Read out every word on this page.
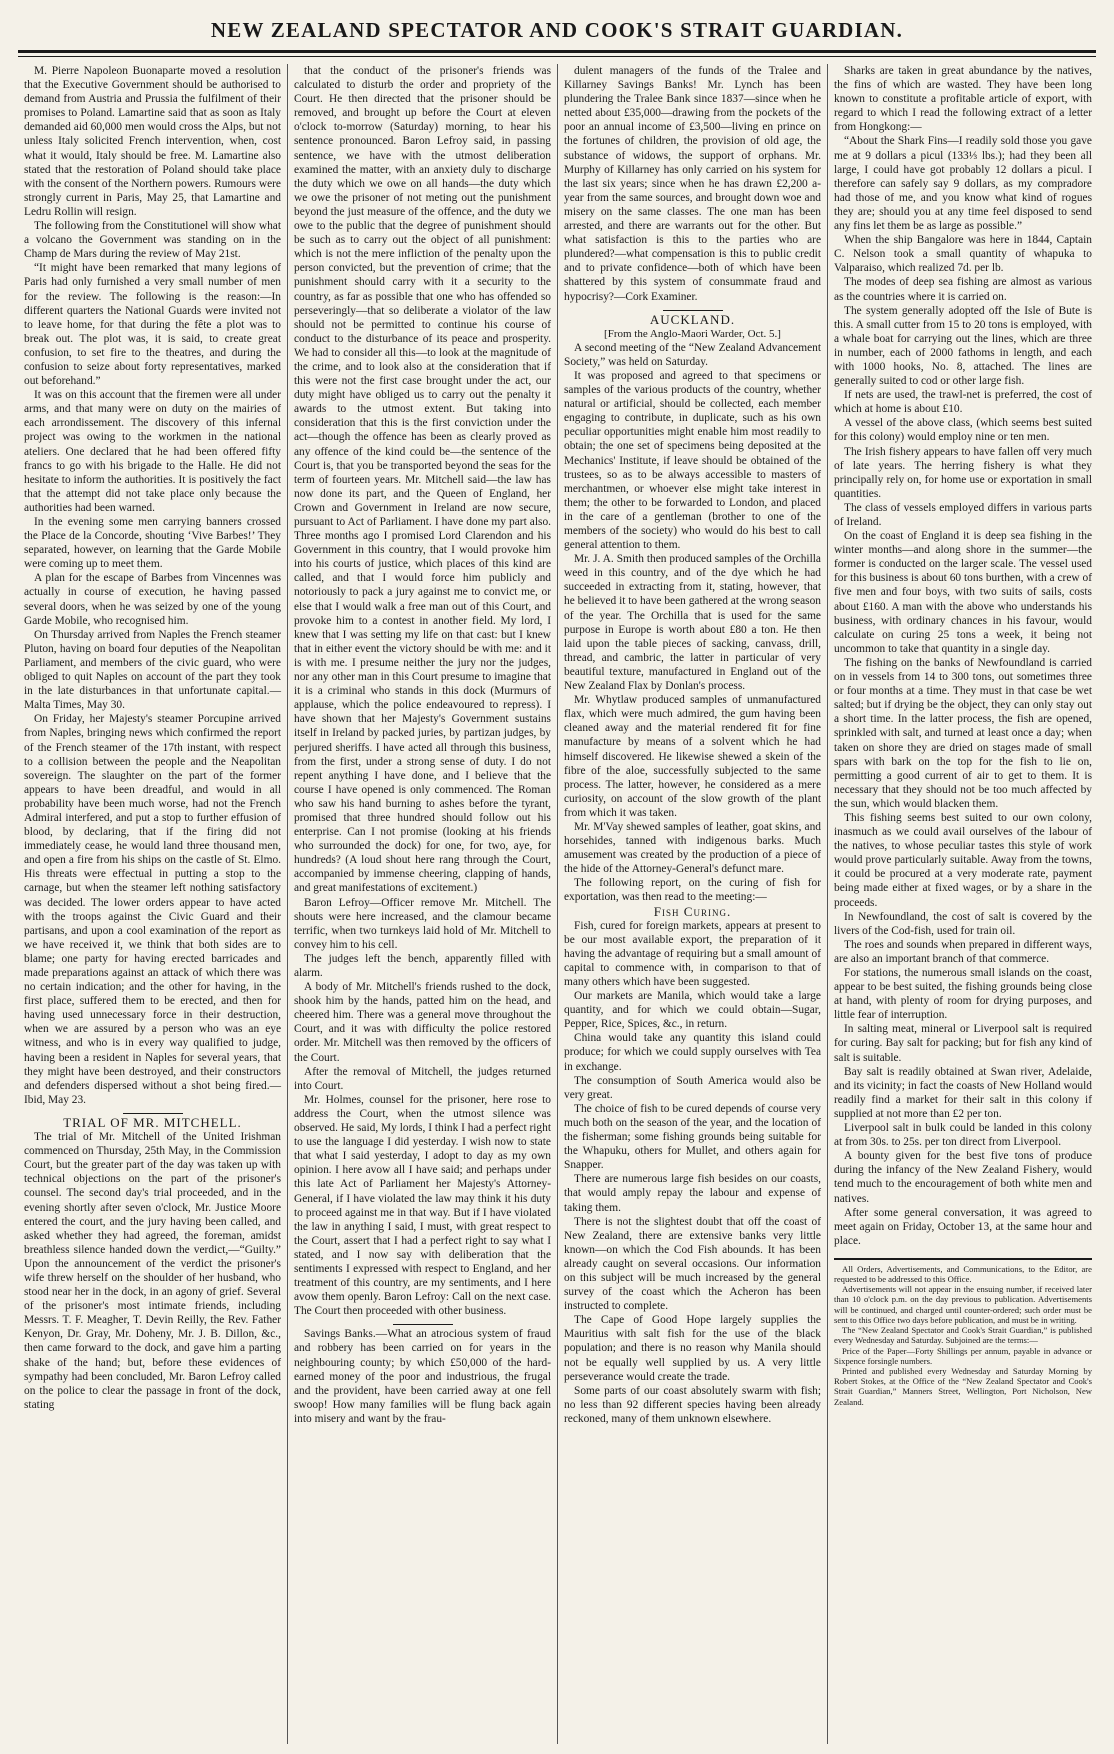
NEW ZEALAND SPECTATOR AND COOK'S STRAIT GUARDIAN.

M. Pierre Napoleon Buonaparte moved a resolution that the Executive Government should be authorised to demand from Austria and Prussia the fulfilment of their promises to Poland. Lamartine said that as soon as Italy demanded aid 60,000 men would cross the Alps, but not unless Italy solicited French intervention, when, cost what it would, Italy should be free. M. Lamartine also stated that the restoration of Poland should take place with the consent of the Northern powers. Rumours were strongly current in Paris, May 25, that Lamartine and Ledru Rollin will resign.

The following from the Constitutionel will show what a volcano the Government was standing on in the Champ de Mars during the review of May 21st.

“It might have been remarked that many legions of Paris had only furnished a very small number of men for the review. The following is the reason:—In different quarters the National Guards were invited not to leave home, for that during the fête a plot was to break out. The plot was, it is said, to create great confusion, to set fire to the theatres, and during the confusion to seize about forty representatives, marked out beforehand.”

It was on this account that the firemen were all under arms, and that many were on duty on the mairies of each arrondissement. The discovery of this infernal project was owing to the workmen in the national ateliers. One declared that he had been offered fifty francs to go with his brigade to the Halle. He did not hesitate to inform the authorities. It is positively the fact that the attempt did not take place only because the authorities had been warned.

In the evening some men carrying banners crossed the Place de la Concorde, shouting ‘Vive Barbes!’ They separated, however, on learning that the Garde Mobile were coming up to meet them.

A plan for the escape of Barbes from Vincennes was actually in course of execution, he having passed several doors, when he was seized by one of the young Garde Mobile, who recognised him.

On Thursday arrived from Naples the French steamer Pluton, having on board four deputies of the Neapolitan Parliament, and members of the civic guard, who were obliged to quit Naples on account of the part they took in the late disturbances in that unfortunate capital.—Malta Times, May 30.

On Friday, her Majesty's steamer Porcupine arrived from Naples, bringing news which confirmed the report of the French steamer of the 17th instant, with respect to a collision between the people and the Neapolitan sovereign. The slaughter on the part of the former appears to have been dreadful, and would in all probability have been much worse, had not the French Admiral interfered, and put a stop to further effusion of blood, by declaring, that if the firing did not immediately cease, he would land three thousand men, and open a fire from his ships on the castle of St. Elmo. His threats were effectual in putting a stop to the carnage, but when the steamer left nothing satisfactory was decided. The lower orders appear to have acted with the troops against the Civic Guard and their partisans, and upon a cool examination of the report as we have received it, we think that both sides are to blame; one party for having erected barricades and made preparations against an attack of which there was no certain indication; and the other for having, in the first place, suffered them to be erected, and then for having used unnecessary force in their destruction, when we are assured by a person who was an eye witness, and who is in every way qualified to judge, having been a resident in Naples for several years, that they might have been destroyed, and their constructors and defenders dispersed without a shot being fired.—Ibid, May 23.

TRIAL OF MR. MITCHELL.

The trial of Mr. Mitchell of the United Irishman commenced on Thursday, 25th May, in the Commission Court, but the greater part of the day was taken up with technical objections on the part of the prisoner's counsel. The second day's trial proceeded, and in the evening shortly after seven o'clock, Mr. Justice Moore entered the court, and the jury having been called, and asked whether they had agreed, the foreman, amidst breathless silence handed down the verdict,—“Guilty.” Upon the announcement of the verdict the prisoner's wife threw herself on the shoulder of her husband, who stood near her in the dock, in an agony of grief. Several of the prisoner's most intimate friends, including Messrs. T. F. Meagher, T. Devin Reilly, the Rev. Father Kenyon, Dr. Gray, Mr. Doheny, Mr. J. B. Dillon, &c., then came forward to the dock, and gave him a parting shake of the hand; but, before these evidences of sympathy had been concluded, Mr. Baron Lefroy called on the police to clear the passage in front of the dock, stating

that the conduct of the prisoner's friends was calculated to disturb the order and propriety of the Court. He then directed that the prisoner should be removed, and brought up before the Court at eleven o'clock to-morrow (Saturday) morning, to hear his sentence pronounced. Baron Lefroy said, in passing sentence, we have with the utmost deliberation examined the matter, with an anxiety duly to discharge the duty which we owe on all hands—the duty which we owe the prisoner of not meting out the punishment beyond the just measure of the offence, and the duty we owe to the public that the degree of punishment should be such as to carry out the object of all punishment: which is not the mere infliction of the penalty upon the person convicted, but the prevention of crime; that the punishment should carry with it a security to the country, as far as possible that one who has offended so perseveringly—that so deliberate a violator of the law should not be permitted to continue his course of conduct to the disturbance of its peace and prosperity. We had to consider all this—to look at the magnitude of the crime, and to look also at the consideration that if this were not the first case brought under the act, our duty might have obliged us to carry out the penalty it awards to the utmost extent. But taking into consideration that this is the first conviction under the act—though the offence has been as clearly proved as any offence of the kind could be—the sentence of the Court is, that you be transported beyond the seas for the term of fourteen years. Mr. Mitchell said—the law has now done its part, and the Queen of England, her Crown and Government in Ireland are now secure, pursuant to Act of Parliament. I have done my part also. Three months ago I promised Lord Clarendon and his Government in this country, that I would provoke him into his courts of justice, which places of this kind are called, and that I would force him publicly and notoriously to pack a jury against me to convict me, or else that I would walk a free man out of this Court, and provoke him to a contest in another field. My lord, I knew that I was setting my life on that cast: but I knew that in either event the victory should be with me: and it is with me. I presume neither the jury nor the judges, nor any other man in this Court presume to imagine that it is a criminal who stands in this dock (Murmurs of applause, which the police endeavoured to repress). I have shown that her Majesty's Government sustains itself in Ireland by packed juries, by partizan judges, by perjured sheriffs. I have acted all through this business, from the first, under a strong sense of duty. I do not repent anything I have done, and I believe that the course I have opened is only commenced. The Roman who saw his hand burning to ashes before the tyrant, promised that three hundred should follow out his enterprise. Can I not promise (looking at his friends who surrounded the dock) for one, for two, aye, for hundreds? (A loud shout here rang through the Court, accompanied by immense cheering, clapping of hands, and great manifestations of excitement.)

Baron Lefroy—Officer remove Mr. Mitchell. The shouts were here increased, and the clamour became terrific, when two turnkeys laid hold of Mr. Mitchell to convey him to his cell.

The judges left the bench, apparently filled with alarm.

A body of Mr. Mitchell's friends rushed to the dock, shook him by the hands, patted him on the head, and cheered him. There was a general move throughout the Court, and it was with difficulty the police restored order. Mr. Mitchell was then removed by the officers of the Court.

After the removal of Mitchell, the judges returned into Court.

Mr. Holmes, counsel for the prisoner, here rose to address the Court, when the utmost silence was observed. He said, My lords, I think I had a perfect right to use the language I did yesterday. I wish now to state that what I said yesterday, I adopt to day as my own opinion. I here avow all I have said; and perhaps under this late Act of Parliament her Majesty's Attorney-General, if I have violated the law may think it his duty to proceed against me in that way. But if I have violated the law in anything I said, I must, with great respect to the Court, assert that I had a perfect right to say what I stated, and I now say with deliberation that the sentiments I expressed with respect to England, and her treatment of this country, are my sentiments, and I here avow them openly. Baron Lefroy: Call on the next case. The Court then proceeded with other business.

Savings Banks.—What an atrocious system of fraud and robbery has been carried on for years in the neighbouring county; by which £50,000 of the hard-earned money of the poor and industrious, the frugal and the provident, have been carried away at one fell swoop! How many families will be flung back again into misery and want by the frau-

dulent managers of the funds of the Tralee and Killarney Savings Banks! Mr. Lynch has been plundering the Tralee Bank since 1837—since when he netted about £35,000—drawing from the pockets of the poor an annual income of £3,500—living en prince on the fortunes of children, the provision of old age, the substance of widows, the support of orphans. Mr. Murphy of Killarney has only carried on his system for the last six years; since when he has drawn £2,200 a-year from the same sources, and brought down woe and misery on the same classes. The one man has been arrested, and there are warrants out for the other. But what satisfaction is this to the parties who are plundered?—what compensation is this to public credit and to private confidence—both of which have been shattered by this system of consummate fraud and hypocrisy?—Cork Examiner.

AUCKLAND.

[From the Anglo-Maori Warder, Oct. 5.]

A second meeting of the “New Zealand Advancement Society,” was held on Saturday.

It was proposed and agreed to that specimens or samples of the various products of the country, whether natural or artificial, should be collected, each member engaging to contribute, in duplicate, such as his own peculiar opportunities might enable him most readily to obtain; the one set of specimens being deposited at the Mechanics' Institute, if leave should be obtained of the trustees, so as to be always accessible to masters of merchantmen, or whoever else might take interest in them; the other to be forwarded to London, and placed in the care of a gentleman (brother to one of the members of the society) who would do his best to call general attention to them.

Mr. J. A. Smith then produced samples of the Orchilla weed in this country, and of the dye which he had succeeded in extracting from it, stating, however, that he believed it to have been gathered at the wrong season of the year. The Orchilla that is used for the same purpose in Europe is worth about £80 a ton. He then laid upon the table pieces of sacking, canvass, drill, thread, and cambric, the latter in particular of very beautiful texture, manufactured in England out of the New Zealand Flax by Donlan's process.

Mr. Whytlaw produced samples of unmanufactured flax, which were much admired, the gum having been cleaned away and the material rendered fit for fine manufacture by means of a solvent which he had himself discovered. He likewise shewed a skein of the fibre of the aloe, successfully subjected to the same process. The latter, however, he considered as a mere curiosity, on account of the slow growth of the plant from which it was taken.

Mr. M'Vay shewed samples of leather, goat skins, and horsehides, tanned with indigenous barks. Much amusement was created by the production of a piece of the hide of the Attorney-General's defunct mare.

The following report, on the curing of fish for exportation, was then read to the meeting:—

Fish Curing.

Fish, cured for foreign markets, appears at present to be our most available export, the preparation of it having the advantage of requiring but a small amount of capital to commence with, in comparison to that of many others which have been suggested.

Our markets are Manila, which would take a large quantity, and for which we could obtain—Sugar, Pepper, Rice, Spices, &c., in return.

China would take any quantity this island could produce; for which we could supply ourselves with Tea in exchange.

The consumption of South America would also be very great.

The choice of fish to be cured depends of course very much both on the season of the year, and the location of the fisherman; some fishing grounds being suitable for the Whapuku, others for Mullet, and others again for Snapper.

There are numerous large fish besides on our coasts, that would amply repay the labour and expense of taking them.

There is not the slightest doubt that off the coast of New Zealand, there are extensive banks very little known—on which the Cod Fish abounds. It has been already caught on several occasions. Our information on this subject will be much increased by the general survey of the coast which the Acheron has been instructed to complete.

The Cape of Good Hope largely supplies the Mauritius with salt fish for the use of the black population; and there is no reason why Manila should not be equally well supplied by us. A very little perseverance would create the trade.

Some parts of our coast absolutely swarm with fish; no less than 92 different species having been already reckoned, many of them unknown elsewhere.

Sharks are taken in great abundance by the natives, the fins of which are wasted. They have been long known to constitute a profitable article of export, with regard to which I read the following extract of a letter from Hongkong:—

“About the Shark Fins—I readily sold those you gave me at 9 dollars a picul (133⅓ lbs.); had they been all large, I could have got probably 12 dollars a picul. I therefore can safely say 9 dollars, as my compradore had those of me, and you know what kind of rogues they are; should you at any time feel disposed to send any fins let them be as large as possible.”

When the ship Bangalore was here in 1844, Captain C. Nelson took a small quantity of whapuka to Valparaiso, which realized 7d. per lb.

The modes of deep sea fishing are almost as various as the countries where it is carried on.

The system generally adopted off the Isle of Bute is this. A small cutter from 15 to 20 tons is employed, with a whale boat for carrying out the lines, which are three in number, each of 2000 fathoms in length, and each with 1000 hooks, No. 8, attached. The lines are generally suited to cod or other large fish.

If nets are used, the trawl-net is preferred, the cost of which at home is about £10.

A vessel of the above class, (which seems best suited for this colony) would employ nine or ten men.

The Irish fishery appears to have fallen off very much of late years. The herring fishery is what they principally rely on, for home use or exportation in small quantities.

The class of vessels employed differs in various parts of Ireland.

On the coast of England it is deep sea fishing in the winter months—and along shore in the summer—the former is conducted on the larger scale. The vessel used for this business is about 60 tons burthen, with a crew of five men and four boys, with two suits of sails, costs about £160. A man with the above who understands his business, with ordinary chances in his favour, would calculate on curing 25 tons a week, it being not uncommon to take that quantity in a single day.

The fishing on the banks of Newfoundland is carried on in vessels from 14 to 300 tons, out sometimes three or four months at a time. They must in that case be wet salted; but if drying be the object, they can only stay out a short time. In the latter process, the fish are opened, sprinkled with salt, and turned at least once a day; when taken on shore they are dried on stages made of small spars with bark on the top for the fish to lie on, permitting a good current of air to get to them. It is necessary that they should not be too much affected by the sun, which would blacken them.

This fishing seems best suited to our own colony, inasmuch as we could avail ourselves of the labour of the natives, to whose peculiar tastes this style of work would prove particularly suitable. Away from the towns, it could be procured at a very moderate rate, payment being made either at fixed wages, or by a share in the proceeds.

In Newfoundland, the cost of salt is covered by the livers of the Cod-fish, used for train oil.

The roes and sounds when prepared in different ways, are also an important branch of that commerce.

For stations, the numerous small islands on the coast, appear to be best suited, the fishing grounds being close at hand, with plenty of room for drying purposes, and little fear of interruption.

In salting meat, mineral or Liverpool salt is required for curing. Bay salt for packing; but for fish any kind of salt is suitable.

Bay salt is readily obtained at Swan river, Adelaide, and its vicinity; in fact the coasts of New Holland would readily find a market for their salt in this colony if supplied at not more than £2 per ton.

Liverpool salt in bulk could be landed in this colony at from 30s. to 25s. per ton direct from Liverpool.

A bounty given for the best five tons of produce during the infancy of the New Zealand Fishery, would tend much to the encouragement of both white men and natives.

After some general conversation, it was agreed to meet again on Friday, October 13, at the same hour and place.

All Orders, Advertisements, and Communications, to the Editor, are requested to be addressed to this Office.
Advertisements will not appear in the ensuing number, if received later than 10 o'clock p.m. on the day previous to publication. Advertisements will be continued, and charged until counter-ordered; such order must be sent to this Office two days before publication, and must be in writing.
The “New Zealand Spectator and Cook's Strait Guardian,” is published every Wednesday and Saturday. Subjoined are the terms:—
Price of the Paper—Forty Shillings per annum, payable in advance or Sixpence forsingle numbers.
Printed and published every Wednesday and Saturday Morning by Robert Stokes, at the Office of the “New Zealand Spectator and Cook's Strait Guardian,” Manners Street, Wellington, Port Nicholson, New Zealand.
